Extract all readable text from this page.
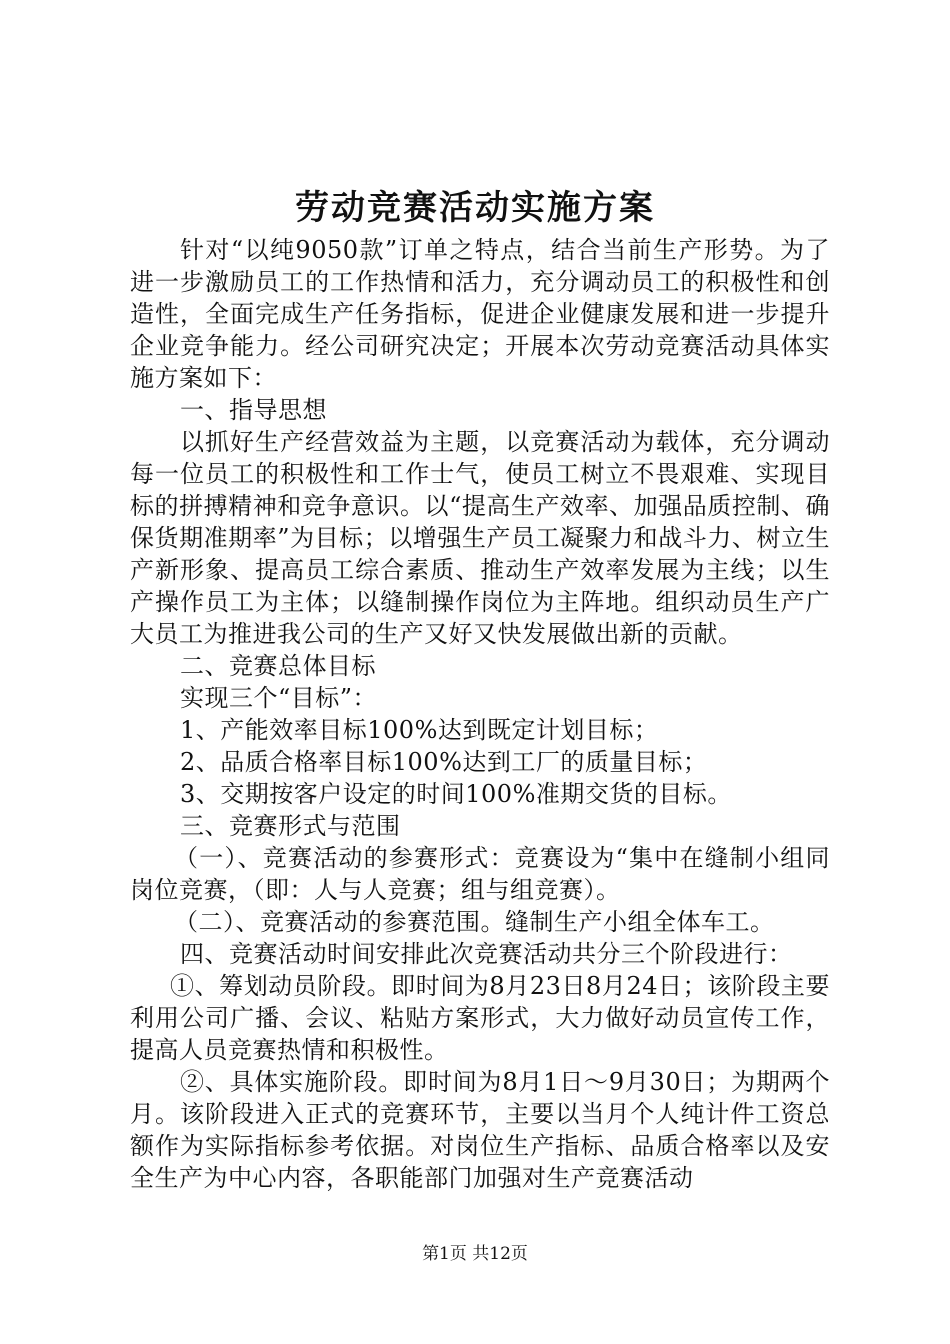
劳动竞赛活动实施方案

针对“以纯9050款”订单之特点，结合当前生产形势。为了进一步激励员工的工作热情和活力，充分调动员工的积极性和创造性，全面完成生产任务指标，促进企业健康发展和进一步提升企业竞争能力。经公司研究决定；开展本次劳动竞赛活动具体实施方案如下：

一、指导思想

以抓好生产经营效益为主题，以竞赛活动为载体，充分调动每一位员工的积极性和工作士气，使员工树立不畏艰难、实现目标的拼搏精神和竞争意识。以“提高生产效率、加强品质控制、确保货期准期率”为目标；以增强生产员工凝聚力和战斗力、树立生产新形象、提高员工综合素质、推动生产效率发展为主线；以生产操作员工为主体；以缝制操作岗位为主阵地。组织动员生产广大员工为推进我公司的生产又好又快发展做出新的贡献。

二、竞赛总体目标

实现三个“目标”：

1、产能效率目标100%达到既定计划目标；

2、品质合格率目标100%达到工厂的质量目标；

3、交期按客户设定的时间100%准期交货的目标。

三、竞赛形式与范围

（一）、竞赛活动的参赛形式：竞赛设为“集中在缝制小组同岗位竞赛，（即：人与人竞赛；组与组竞赛）。

（二）、竞赛活动的参赛范围。缝制生产小组全体车工。

四、竞赛活动时间安排此次竞赛活动共分三个阶段进行：

①、筹划动员阶段。即时间为8月23日8月24日；该阶段主要利用公司广播、会议、粘贴方案形式，大力做好动员宣传工作，提高人员竞赛热情和积极性。

②、具体实施阶段。即时间为8月1日～9月30日；为期两个月。该阶段进入正式的竞赛环节，主要以当月个人纯计件工资总额作为实际指标参考依据。对岗位生产指标、品质合格率以及安全生产为中心内容，各职能部门加强对生产竞赛活动

第1页 共12页
